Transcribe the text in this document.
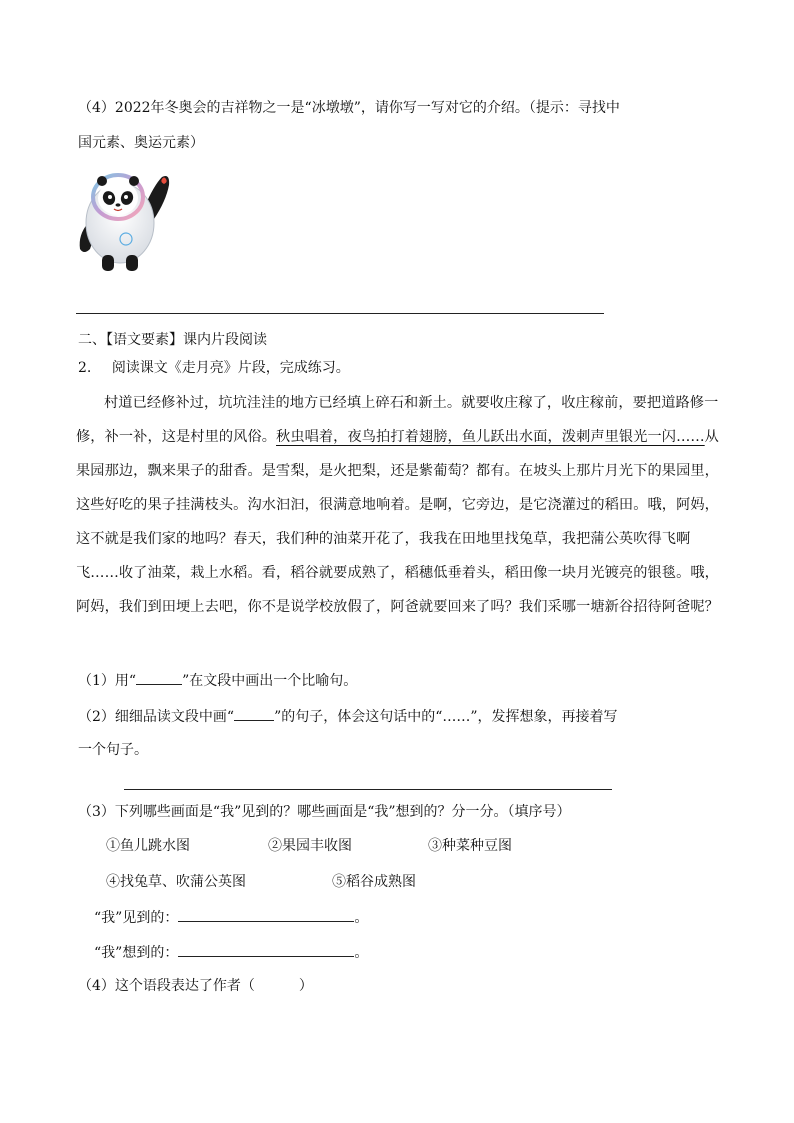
（4）2022年冬奥会的吉祥物之一是“冰墩墩”，请你写一写对它的介绍。（提示：寻找中
国元素、奥运元素）
二、【语文要素】课内片段阅读
2. 阅读课文《走月亮》片段，完成练习。
村道已经修补过，坑坑洼洼的地方已经填上碎石和新土。就要收庄稼了，收庄稼前，要把道路修一修，补一补，这是村里的风俗。秋虫唱着，夜鸟拍打着翅膀，鱼儿跃出水面，泼刺声里银光一闪……从果园那边，飘来果子的甜香。是雪梨，是火把梨，还是紫葡萄？都有。在坡头上那片月光下的果园里，这些好吃的果子挂满枝头。沟水汩汩，很满意地响着。是啊，它旁边，是它浇灌过的稻田。哦，阿妈，这不就是我们家的地吗？春天，我们种的油菜开花了，我我在田地里找兔草，我把蒲公英吹得飞啊飞……收了油菜，栽上水稻。看，稻谷就要成熟了，稻穗低垂着头，稻田像一块月光镀亮的银毯。哦，阿妈，我们到田埂上去吧，你不是说学校放假了，阿爸就要回来了吗？我们采哪一塘新谷招待阿爸呢？
（1）用“	”在文段中画出一个比喻句。
（2）细细品读文段中画“	”的句子，体会这句话中的“……”，发挥想象，再接着写
一个句子。
（3）下列哪些画面是“我”见到的？哪些画面是“我”想到的？分一分。（填序号）
①鱼儿跳水图	②果园丰收图	③种菜种豆图
④找兔草、吹蒲公英图	⑤稻谷成熟图
“我”见到的：	。
“我”想到的：	。
（4）这个语段表达了作者（	）
